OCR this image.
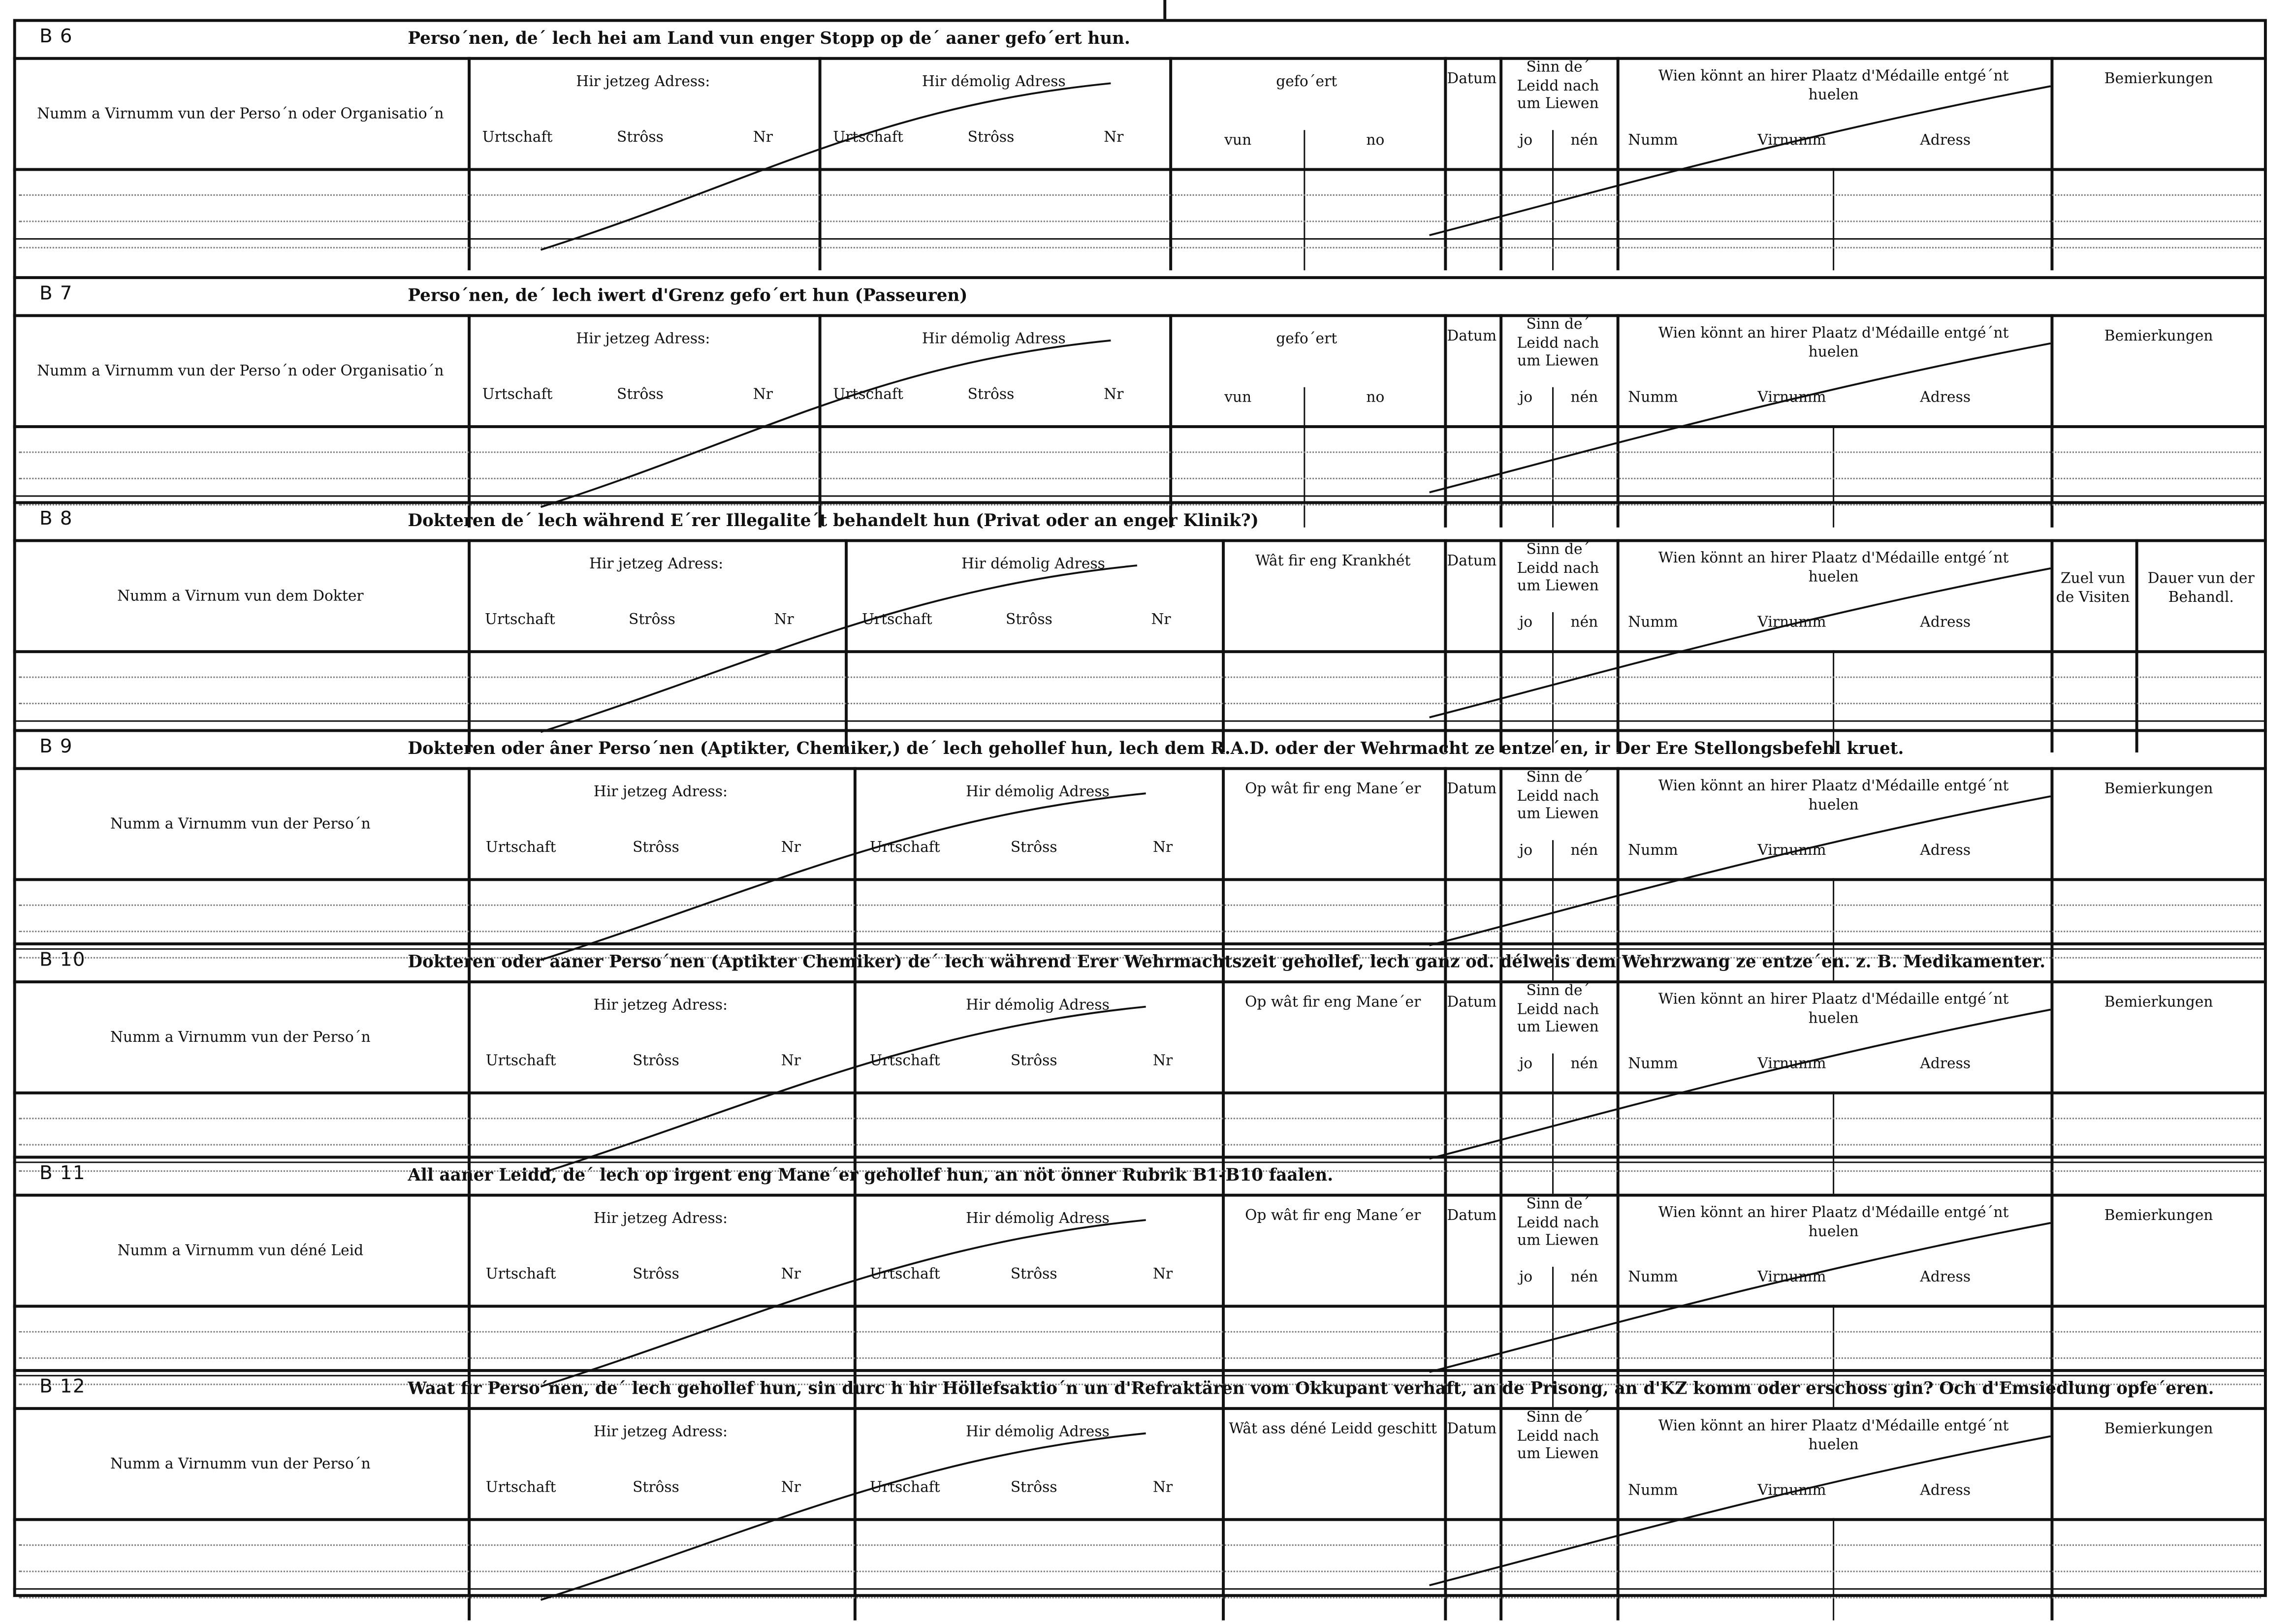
B 6	Perso´nen, de´ lech hei am Land vun enger Stopp op de´ aaner gefo´ert hun.
Numm a Virnumm vun der Perso´n oder Organisatio´n
Hir jetzeg Adress:
Urtschaft	Strôss	Nr
Hir démolig Adress
Urtschaft	Strôss	Nr
gefo´ert
vun	no
Datum
Sinn de´ Leidd nach um Liewen
jo	nén
Wien könnt an hirer Plaatz d'Médaille entgé´nt huelen
Numm	Virnumm	Adress
Bemierkungen
B 7	Perso´nen, de´ lech iwert d'Grenz gefo´ert hun (Passeuren)
Numm a Virnumm vun der Perso´n oder Organisatio´n
Hir jetzeg Adress:
Urtschaft	Strôss	Nr
Hir démolig Adress
Urtschaft	Strôss	Nr
gefo´ert
vun	no
Datum
Sinn de´ Leidd nach um Liewen
jo	nén
Wien könnt an hirer Plaatz d'Médaille entgé´nt huelen
Numm	Virnumm	Adress
Bemierkungen
B 8	Dokteren de´ lech während E´rer Illegalite´t behandelt hun (Privat oder an enger Klinik?)
Numm a Virnum vun dem Dokter
Hir jetzeg Adress:
Urtschaft	Strôss	Nr
Hir démolig Adress
Urtschaft	Strôss	Nr
Wât fir eng Krankhét	Datum
Sinn de´ Leidd nach um Liewen
jo	nén
Wien könnt an hirer Plaatz d'Médaille entgé´nt huelen
Numm	Virnumm	Adress
Zuel vun de Visiten
Dauer vun der Behandl.
B 9	Dokteren oder âner Perso´nen (Aptikter, Chemiker,) de´ lech gehollef hun, lech dem R.A.D. oder der Wehrmacht ze entze´en, ir Der Ere Stellongsbefehl kruet.
Numm a Virnumm vun der Perso´n
Hir jetzeg Adress:
Urtschaft	Strôss	Nr
Hir démolig Adress
Urtschaft	Strôss	Nr
Op wât fir eng Mane´er	Datum
Sinn de´ Leidd nach um Liewen
jo	nén
Wien könnt an hirer Plaatz d'Médaille entgé´nt huelen
Numm	Virnumm	Adress
Bemierkungen
B 10	Dokteren oder aaner Perso´nen (Aptikter Chemiker) de´ lech während Erer Wehrmachtszeit gehollef, lech ganz od. délweis dem Wehrzwang ze entze´en. z. B. Medikamenter.
Numm a Virnumm vun der Perso´n
Hir jetzeg Adress:
Urtschaft	Strôss	Nr
Hir démolig Adress
Urtschaft	Strôss	Nr
Op wât fir eng Mane´er	Datum
Sinn de´ Leidd nach um Liewen
jo	nén
Wien könnt an hirer Plaatz d'Médaille entgé´nt huelen
Numm	Virnumm	Adress
Bemierkungen
B 11	All aaner Leidd, de´ lech op irgent eng Mane´er gehollef hun, an nöt önner Rubrik B1-B10 faalen.
Numm a Virnumm vun déné Leid
Hir jetzeg Adress:
Urtschaft	Strôss	Nr
Hir démolig Adress
Urtschaft	Strôss	Nr
Op wât fir eng Mane´er	Datum
Sinn de´ Leidd nach um Liewen
jo	nén
Wien könnt an hirer Plaatz d'Médaille entgé´nt huelen
Numm	Virnumm	Adress
Bemierkungen
B 12	Waat fir Perso´nen, de´ lech gehollef hun, sin durc h hir Höllefsaktio´n un d'Refraktären vom Okkupant verhaft, an de Prisong, an d'KZ komm oder erschoss gin? Och d'Emsiedlung opfe´eren.
Numm a Virnumm vun der Perso´n
Hir jetzeg Adress:
Urtschaft	Strôss	Nr
Hir démolig Adress
Urtschaft	Strôss	Nr
Wât ass déné Leidd geschitt	Datum
Sinn de´ Leidd nach um Liewen
Wien könnt an hirer Plaatz d'Médaille entgé´nt huelen
Numm	Virnumm	Adress
Bemierkungen
